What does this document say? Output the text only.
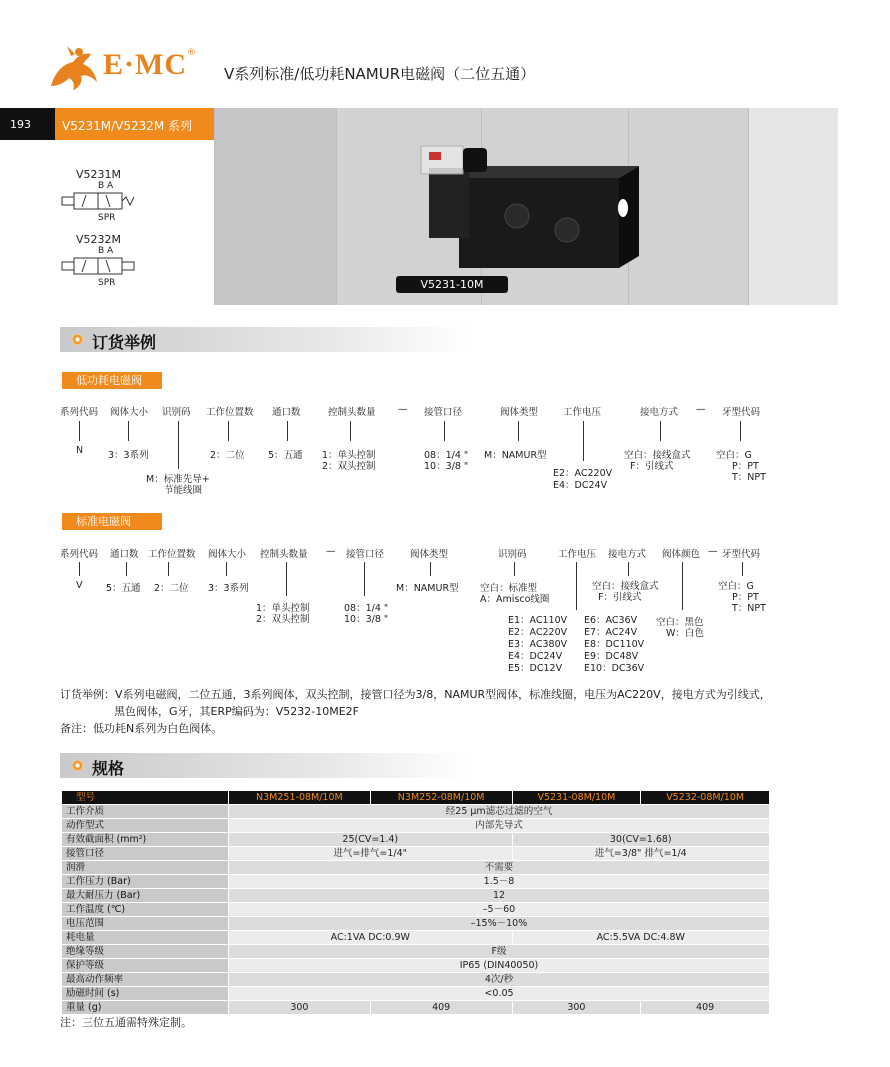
E·MC ®
V系列标准/低功耗NAMUR电磁阀（二位五通）
193	V5231M/V5232M 系列
V5231-10M
V5231M
B A
SPR
V5232M
B A
SPR
订货举例
低功耗电磁阀
系列代码 阀体大小 识别码 工作位置数 通口数	控制头数量 — 接管口径	阀体类型	工作电压	接电方式 — 牙型代码
N	3：3系列
M：标准先导+
节能线圈
2：二位 5：五通 1：单头控制
2：双头控制
08：1/4 "
10：3/8 "
M：NAMUR型
E2：AC220V
E4：DC24V
空白：接线盒式
F：引线式
空白：G
P：PT
T：NPT
标准电磁阀
系列代码 通口数 工作位置数 阀体大小 控制头数量 — 接管口径	阀体类型	识别码	工作电压 接电方式 阀体颜色 — 牙型代码
V 5：五通 2：二位 3：3系列
1：单头控制
2：双头控制
08：1/4 "
10：3/8 "
M：NAMUR型 空白：标准型
A：Amisco线圈
E1：AC110V
E2：AC220V
E3：AC380V
E4：DC24V
E5：DC12V
E6：AC36V
E7：AC24V
E8：DC110V
E9：DC48V
E10：DC36V
空白：接线盒式
F：引线式
空白：黑色
W：白色
空白：G
P：PT
T：NPT
订货举例：V系列电磁阀，二位五通，3系列阀体，双头控制，接管口径为3/8，NAMUR型阀体，标准线圈，电压为AC220V，接电方式为引线式，
黑色阀体，G牙，其ERP编码为：V5232-10ME2F
备注：低功耗N系列为白色阀体。
规格
型号	N3M251-08M/10M	N3M252-08M/10M	V5231-08M/10M	V5232-08M/10M
工作介质	经25 μm滤芯过滤的空气			
动作型式	内部先导式			
有效截面积 (mm²)	25(CV=1.4)		30(CV=1.68)	
接管口径	进气=排气=1/4"		进气=3/8" 排气=1/4	
润滑	不需要			
工作压力 (Bar)	1.5－8			
最大耐压力 (Bar)	12			
工作温度 (℃)	–5－60			
电压范围	–15%－10%			
耗电量	AC:1VA DC:0.9W		AC:5.5VA DC:4.8W	
绝缘等级	F级			
保护等级	IP65 (DIN40050)			
最高动作频率	4次/秒			
励磁时间 (s)	<0.05			
重量 (g)	300	409	300	409
注：三位五通需特殊定制。
